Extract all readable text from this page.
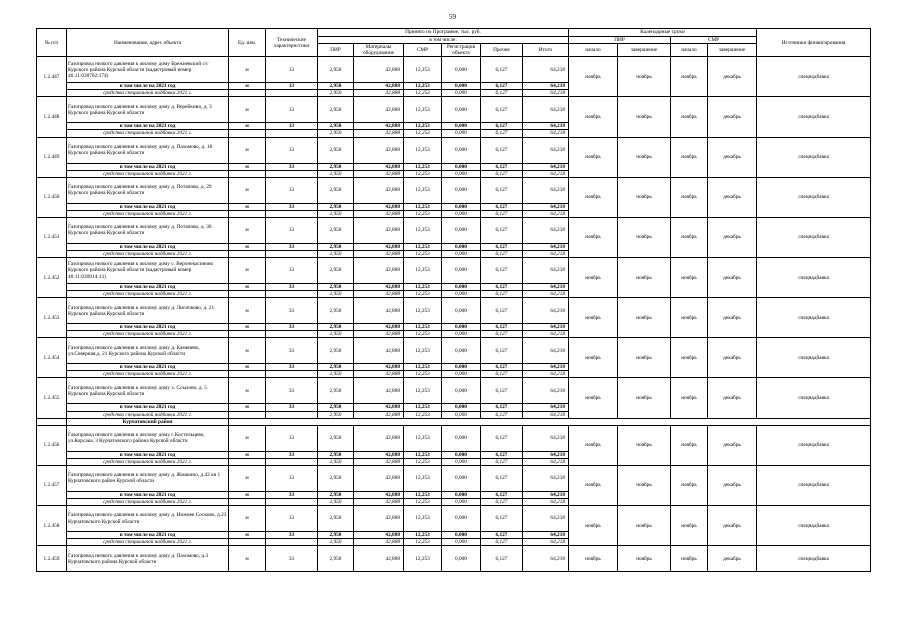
59
№ п/п	Наименование, адрес объекта	Ед. изм.	Технические характеристики	Принято по Программе, тыс. руб.						Календарные сроки				Источники финансирования
				в том числе:						ПИР		СМР		
				ПИР	Материалы оборудование	СМР	Регистрация объекта	Прочие	Итого	начало	завершение	начало	завершение	
1.2.447	Газопровод низкого давления к жилому дому Брежневский с/с Курского района Курской области (кадастровый номер 46:11:030702:174)	м	33	2,950	42,888	12,253	0,000	6,127	64,218	ноябрь	ноябрь	ноябрь	декабрь	спецнадбавка
	в том числе на 2021 год	м	33	2,950	42,888	12,253	0,000	6,127	64,218					
	средства специальной надбавки 2021 г.			2,950	42,888	12,253	0,000	6,127	64,218					
1.2.448	Газопровод низкого давления к жилому дому д. Верейкино, д. 3 Курского района Курской области	м	33	2,950	42,888	12,253	0,000	6,127	64,218	ноябрь	ноябрь	ноябрь	декабрь	спецнадбавка
	в том числе на 2021 год	м	33	2,950	42,888	12,253	0,000	6,127	64,218					
	средства специальной надбавки 2021 г.			2,950	42,888	12,253	0,000	6,127	64,218					
1.2.449	Газопровод низкого давления к жилому дому д. Пахомово, д. 18 Курского района Курской области	м	33	2,950	42,888	12,253	0,000	6,127	64,218	ноябрь	ноябрь	ноябрь	декабрь	спецнадбавка
	в том числе на 2021 год	м	33	2,950	42,888	12,253	0,000	6,127	64,218					
	средства специальной надбавки 2021 г.			2,950	42,888	12,253	0,000	6,127	64,218					
1.2.450	Газопровод низкого давления к жилому дому д. Потапово, д. 29 Курского района Курской области	м	33	2,950	42,888	12,253	0,000	6,127	64,218	ноябрь	ноябрь	ноябрь	декабрь	спецнадбавка
	в том числе на 2021 год	м	33	2,950	42,888	12,253	0,000	6,127	64,218					
	средства специальной надбавки 2021 г.			2,950	42,888	12,253	0,000	6,127	64,218					
1.2.451	Газопровод низкого давления к жилому дому д. Потапово, д. 30 Курского района Курской области	м	33	2,950	42,888	12,253	0,000	6,127	64,218	ноябрь	ноябрь	ноябрь	декабрь	спецнадбавка
	в том числе на 2021 год	м	33	2,950	42,888	12,253	0,000	6,127	64,218					
	средства специальной надбавки 2021 г.			2,950	42,888	12,253	0,000	6,127	64,218					
1.2.452	Газопровод низкого давления к жилому дому с. Верхнекасиново Курского района Курской области (кадастровый номер 46:11:030914:13)	м	33	2,950	42,888	12,253	0,000	6,127	64,218	ноябрь	ноябрь	ноябрь	декабрь	спецнадбавка
	в том числе на 2021 год	м	33	2,950	42,888	12,253	0,000	6,127	64,218					
	средства специальной надбавки 2021 г.			2,950	42,888	12,253	0,000	6,127	64,218					
1.2.453	Газопровод низкого давления к жилому дому д. Лисичково, д. 21 Курского района Курской области	м	33	2,950	42,888	12,253	0,000	6,127	64,218	ноябрь	ноябрь	ноябрь	декабрь	спецнадбавка
	в том числе на 2021 год	м	33	2,950	42,888	12,253	0,000	6,127	64,218					
	средства специальной надбавки 2021 г.			2,950	42,888	12,253	0,000	6,127	64,218					
1.2.454	Газопровод низкого давления к жилому дому д. Каменево, ул.Северная,д. 21 Курского района Курской области	м	33	2,950	42,888	12,253	0,000	6,127	64,218	ноябрь	ноябрь	ноябрь	декабрь	спецнадбавка
	в том числе на 2021 год	м	33	2,950	42,888	12,253	0,000	6,127	64,218					
	средства специальной надбавки 2021 г.			2,950	42,888	12,253	0,000	6,127	64,218					
1.2.455	Газопровод низкого давления к жилому дому х. Ссыхово, д. 5 Курского района Курской области	м	33	2,950	42,888	12,253	0,000	6,127	64,218	ноябрь	ноябрь	ноябрь	декабрь	спецнадбавка
	в том числе на 2021 год	м	33	2,950	42,888	12,253	0,000	6,127	64,218					
	средства специальной надбавки 2021 г.			2,950	42,888	12,253	0,000	6,127	64,218					
	Курчатовский район													
1.2.456	Газопровод низкого давления к жилому дому с.Костельцево, ул.Корсака, 3 Курчатовского района Курской области	м	33	2,950	42,888	12,253	0,000	6,127	64,218	ноябрь	ноябрь	ноябрь	декабрь	спецнадбавка
	в том числе на 2021 год	м	33	2,950	42,888	12,253	0,000	6,127	64,218					
	средства специальной надбавки 2021 г.			2,950	42,888	12,253	0,000	6,127	64,218					
1.2.457	Газопровод низкого давления к жилому дому д. Жмакино, д.42 кв 1 Курчатовского район Курской области	м	33	2,950	42,888	12,253	0,000	6,127	64,218	ноябрь	ноябрь	ноябрь	декабрь	спецнадбавка
	в том числе на 2021 год	м	33	2,950	42,888	12,253	0,000	6,127	64,218					
	средства специальной надбавки 2021 г.			2,950	42,888	12,253	0,000	6,127	64,218					
1.2.458	Газопровод низкого давления к жилому дому д. Нижнее Сосково, д.23 Курчатовского Курской области	м	33	2,950	42,888	12,253	0,000	6,127	64,218	ноябрь	ноябрь	ноябрь	декабрь	спецнадбавка
	в том числе на 2021 год	м	33	2,950	42,888	12,253	0,000	6,127	64,218					
	средства специальной надбавки 2021 г.			2,950	42,888	12,253	0,000	6,127	64,218					
1.2.459	Газопровод низкого давления к жилому дому д. Пахомово, д.3 Курчатовского района Курской области	м	33	2,950	42,888	12,253	0,000	6,127	64,218	ноябрь	ноябрь	ноябрь	декабрь	спецнадбавка
